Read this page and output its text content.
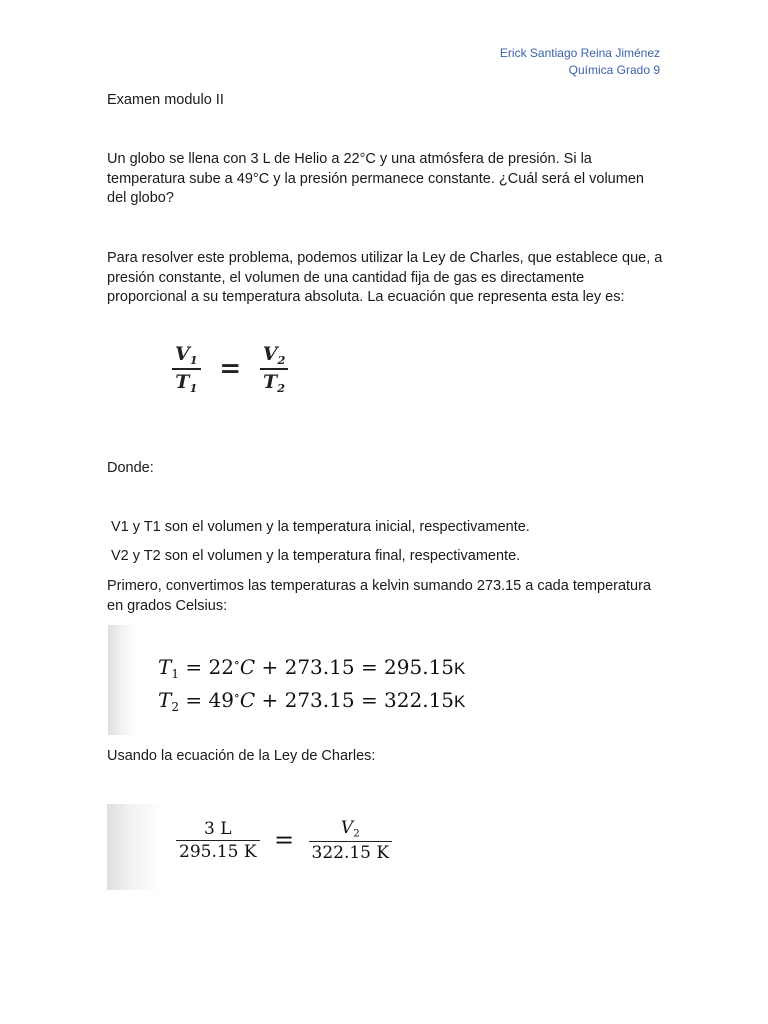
Erick Santiago Reina Jiménez
Química Grado 9

Examen modulo II

Un globo se llena con 3 L de Helio a 22°C y una atmósfera de presión. Si la temperatura sube a 49°C y la presión permanece constante. ¿Cuál será el volumen del globo?

Para resolver este problema, podemos utilizar la Ley de Charles, que establece que, a presión constante, el volumen de una cantidad fija de gas es directamente proporcional a su temperatura absoluta. La ecuación que representa esta ley es:

$\frac{V_1}{T_1} = \frac{V_2}{T_2}$

Donde:

V1 y T1 son el volumen y la temperatura inicial, respectivamente.

V2 y T2 son el volumen y la temperatura final, respectivamente.

Primero, convertimos las temperaturas a kelvin sumando 273.15 a cada temperatura en grados Celsius:

$T_1 = 22^\circ C + 273.15 = 295.15K$
$T_2 = 49^\circ C + 273.15 = 322.15K$

Usando la ecuación de la Ley de Charles:

$\frac{3 L}{295.15 K} = \frac{V_2}{322.15 K}$
